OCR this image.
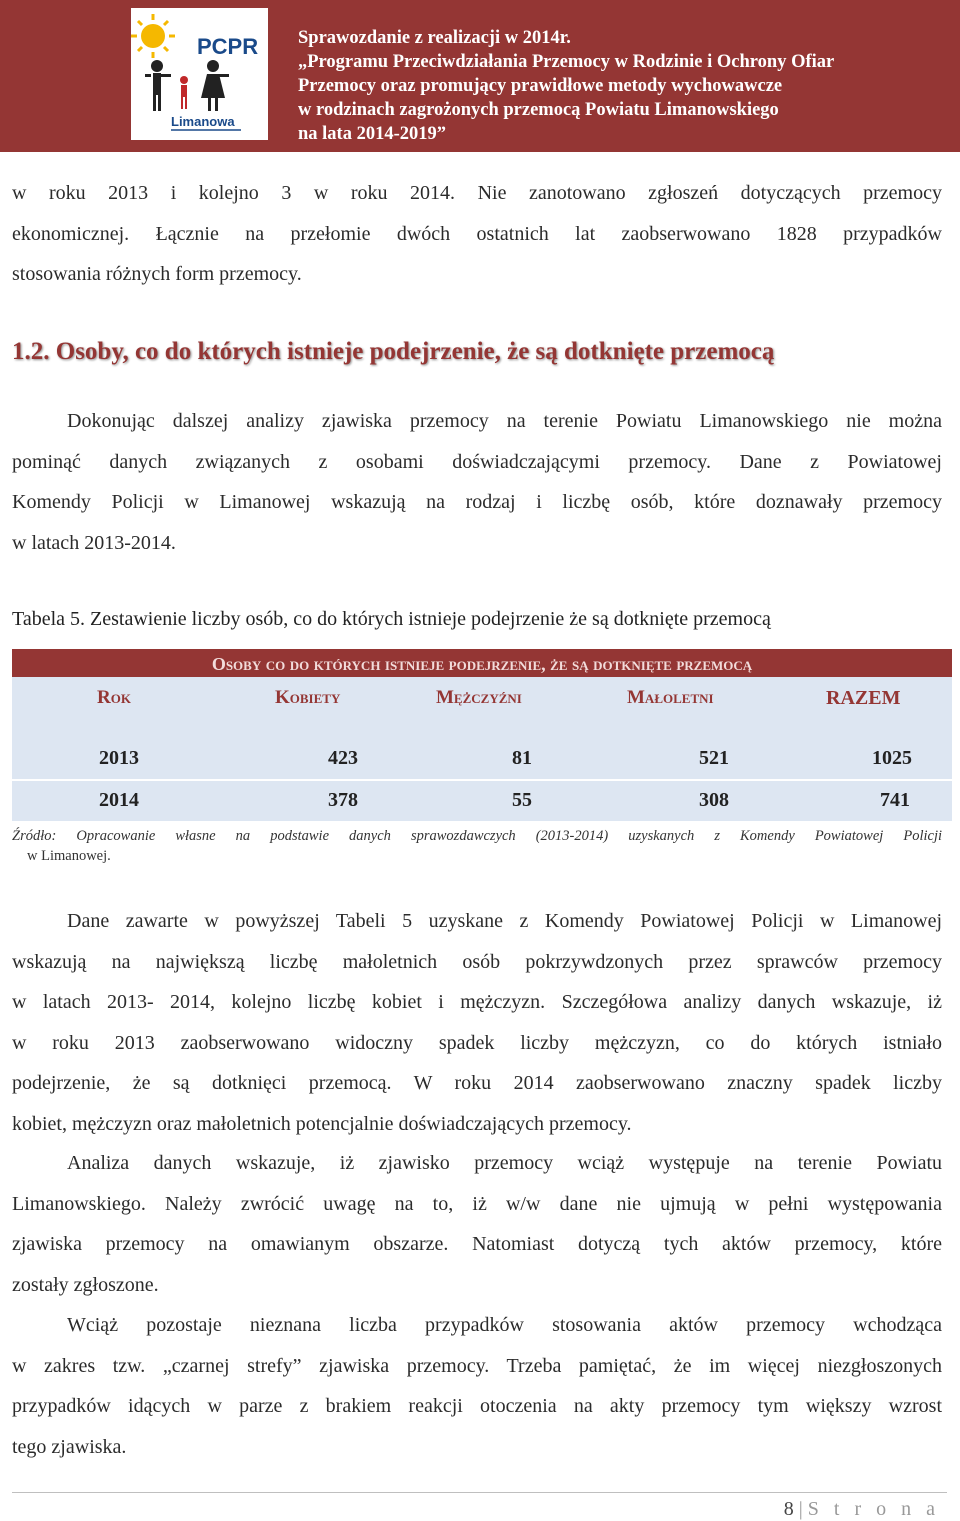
PCPR
Limanowa
Sprawozdanie z realizacji w 2014r.
„Programu Przeciwdziałania Przemocy w Rodzinie i Ochrony Ofiar
Przemocy oraz promujący prawidłowe metody wychowawcze
w rodzinach zagrożonych przemocą Powiatu Limanowskiego
na lata 2014-2019”
w roku 2013 i kolejno 3 w roku 2014. Nie zanotowano zgłoszeń dotyczących przemocy
ekonomicznej. Łącznie na przełomie dwóch ostatnich lat zaobserwowano 1828 przypadków
stosowania różnych form przemocy.
1.2. Osoby, co do których istnieje podejrzenie, że są dotknięte przemocą
Dokonując dalszej analizy zjawiska przemocy na terenie Powiatu Limanowskiego nie można
pominąć danych związanych z osobami doświadczającymi przemocy. Dane z Powiatowej
Komendy Policji w Limanowej wskazują na rodzaj i liczbę osób, które doznawały przemocy
w latach 2013-2014.
Tabela 5. Zestawienie liczby osób, co do których istnieje podejrzenie że są dotknięte przemocą
Osoby co do których istnieje podejrzenie, że są dotknięte przemocą
Rok	Kobiety	Mężczyźni	Małoletni	RAZEM
2013	423	81	521	1025
2014	378	55	308	741
Źródło: Opracowanie własne na podstawie danych sprawozdawczych (2013-2014) uzyskanych z Komendy Powiatowej Policji
w Limanowej.
Dane zawarte w powyższej Tabeli 5 uzyskane z Komendy Powiatowej Policji w Limanowej
wskazują na największą liczbę małoletnich osób pokrzywdzonych przez sprawców przemocy
w latach 2013- 2014, kolejno liczbę kobiet i mężczyzn. Szczegółowa analizy danych wskazuje, iż
w roku 2013 zaobserwowano widoczny spadek liczby mężczyzn, co do których istniało
podejrzenie, że są dotknięci przemocą. W roku 2014 zaobserwowano znaczny spadek liczby
kobiet, mężczyzn oraz małoletnich potencjalnie doświadczających przemocy.
Analiza danych wskazuje, iż zjawisko przemocy wciąż występuje na terenie Powiatu
Limanowskiego. Należy zwrócić uwagę na to, iż w/w dane nie ujmują w pełni występowania
zjawiska przemocy na omawianym obszarze. Natomiast dotyczą tych aktów przemocy, które
zostały zgłoszone.
Wciąż pozostaje nieznana liczba przypadków stosowania aktów przemocy wchodząca
w zakres tzw. „czarnej strefy” zjawiska przemocy. Trzeba pamiętać, że im więcej niezgłoszonych
przypadków idących w parze z brakiem reakcji otoczenia na akty przemocy tym większy wzrost
tego zjawiska.
8 | S t r o n a
